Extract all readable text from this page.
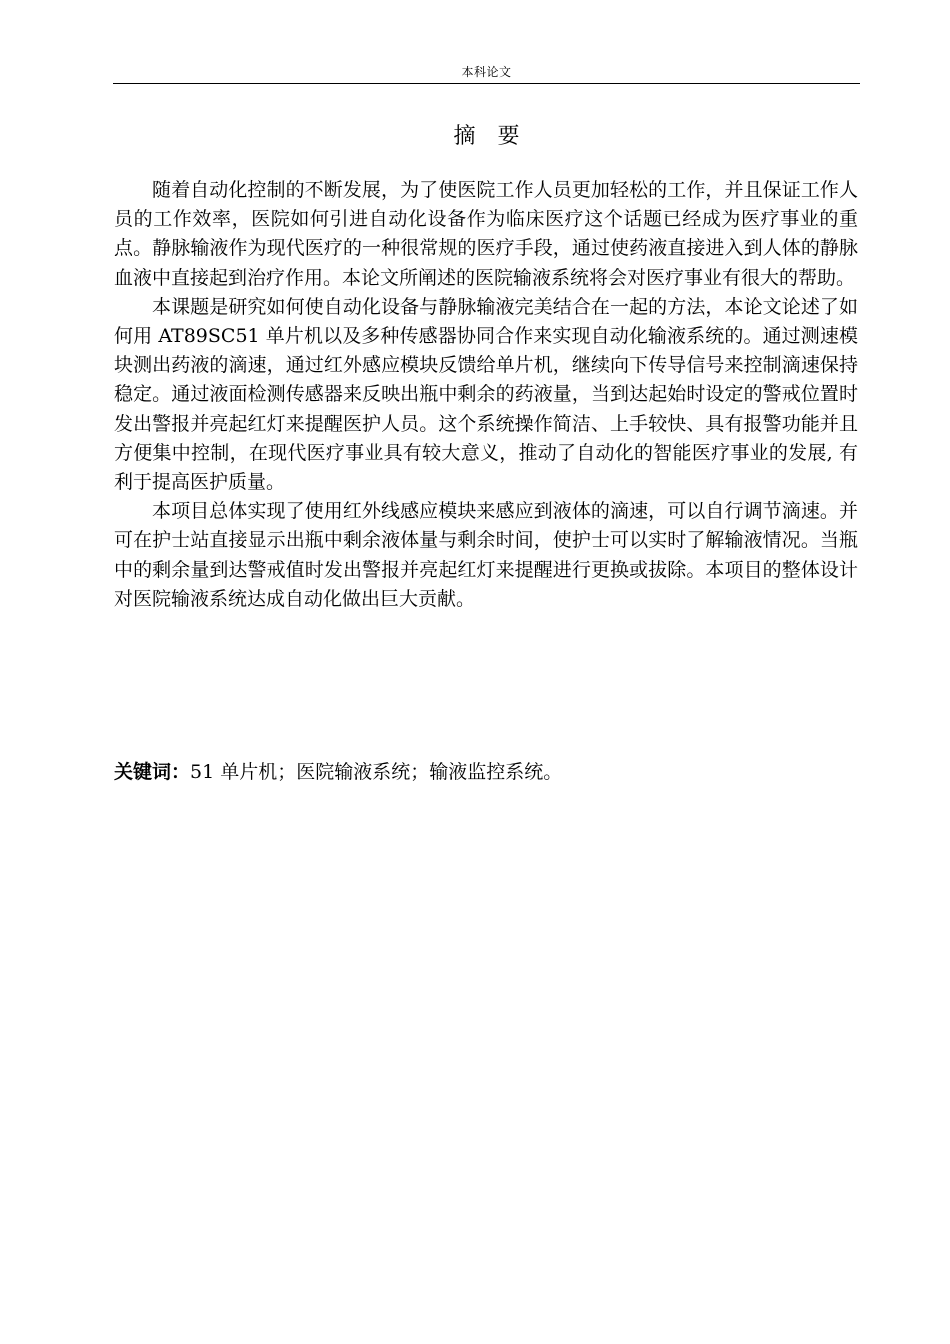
本科论文
摘　要

随着自动化控制的不断发展，为了使医院工作人员更加轻松的工作，并且保证工作人员的工作效率，医院如何引进自动化设备作为临床医疗这个话题已经成为医疗事业的重点。静脉输液作为现代医疗的一种很常规的医疗手段，通过使药液直接进入到人体的静脉血液中直接起到治疗作用。本论文所阐述的医院输液系统将会对医疗事业有很大的帮助。

本课题是研究如何使自动化设备与静脉输液完美结合在一起的方法，本论文论述了如何用 AT89SC51 单片机以及多种传感器协同合作来实现自动化输液系统的。通过测速模块测出药液的滴速，通过红外感应模块反馈给单片机，继续向下传导信号来控制滴速保持稳定。通过液面检测传感器来反映出瓶中剩余的药液量，当到达起始时设定的警戒位置时发出警报并亮起红灯来提醒医护人员。这个系统操作简洁、上手较快、具有报警功能并且方便集中控制，在现代医疗事业具有较大意义，推动了自动化的智能医疗事业的发展, 有利于提高医护质量。

本项目总体实现了使用红外线感应模块来感应到液体的滴速，可以自行调节滴速。并可在护士站直接显示出瓶中剩余液体量与剩余时间，使护士可以实时了解输液情况。当瓶中的剩余量到达警戒值时发出警报并亮起红灯来提醒进行更换或拔除。本项目的整体设计对医院输液系统达成自动化做出巨大贡献。

关键词：51 单片机；医院输液系统；输液监控系统。
